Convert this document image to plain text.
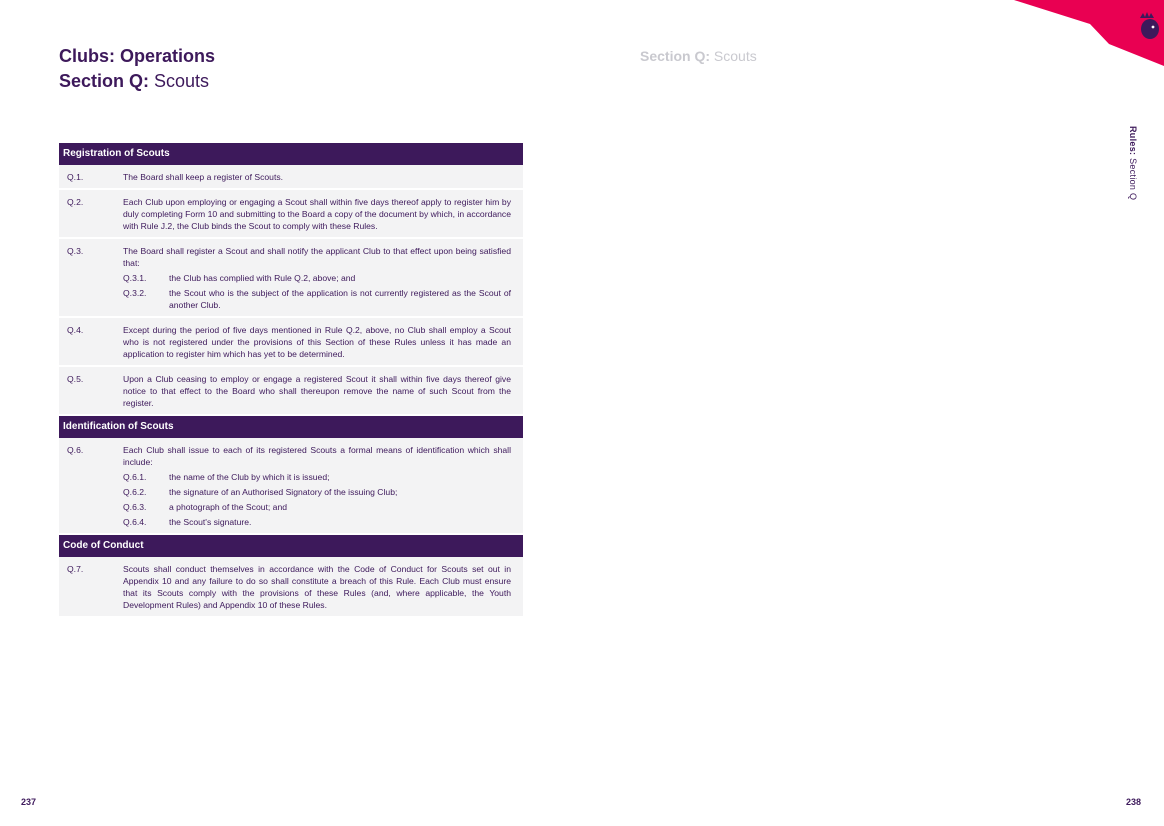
Clubs: Operations
Section Q: Scouts
Section Q: Scouts
Rules: Section Q
Registration of Scouts
Q.1.	The Board shall keep a register of Scouts.
Q.2.	Each Club upon employing or engaging a Scout shall within five days thereof apply to register him by duly completing Form 10 and submitting to the Board a copy of the document by which, in accordance with Rule J.2, the Club binds the Scout to comply with these Rules.
Q.3.	The Board shall register a Scout and shall notify the applicant Club to that effect upon being satisfied that:
Q.3.1.	the Club has complied with Rule Q.2, above; and
Q.3.2.	the Scout who is the subject of the application is not currently registered as the Scout of another Club.
Q.4.	Except during the period of five days mentioned in Rule Q.2, above, no Club shall employ a Scout who is not registered under the provisions of this Section of these Rules unless it has made an application to register him which has yet to be determined.
Q.5.	Upon a Club ceasing to employ or engage a registered Scout it shall within five days thereof give notice to that effect to the Board who shall thereupon remove the name of such Scout from the register.
Identification of Scouts
Q.6.	Each Club shall issue to each of its registered Scouts a formal means of identification which shall include:
Q.6.1.	the name of the Club by which it is issued;
Q.6.2.	the signature of an Authorised Signatory of the issuing Club;
Q.6.3.	a photograph of the Scout; and
Q.6.4.	the Scout's signature.
Code of Conduct
Q.7.	Scouts shall conduct themselves in accordance with the Code of Conduct for Scouts set out in Appendix 10 and any failure to do so shall constitute a breach of this Rule. Each Club must ensure that its Scouts comply with the provisions of these Rules (and, where applicable, the Youth Development Rules) and Appendix 10 of these Rules.
237	238
